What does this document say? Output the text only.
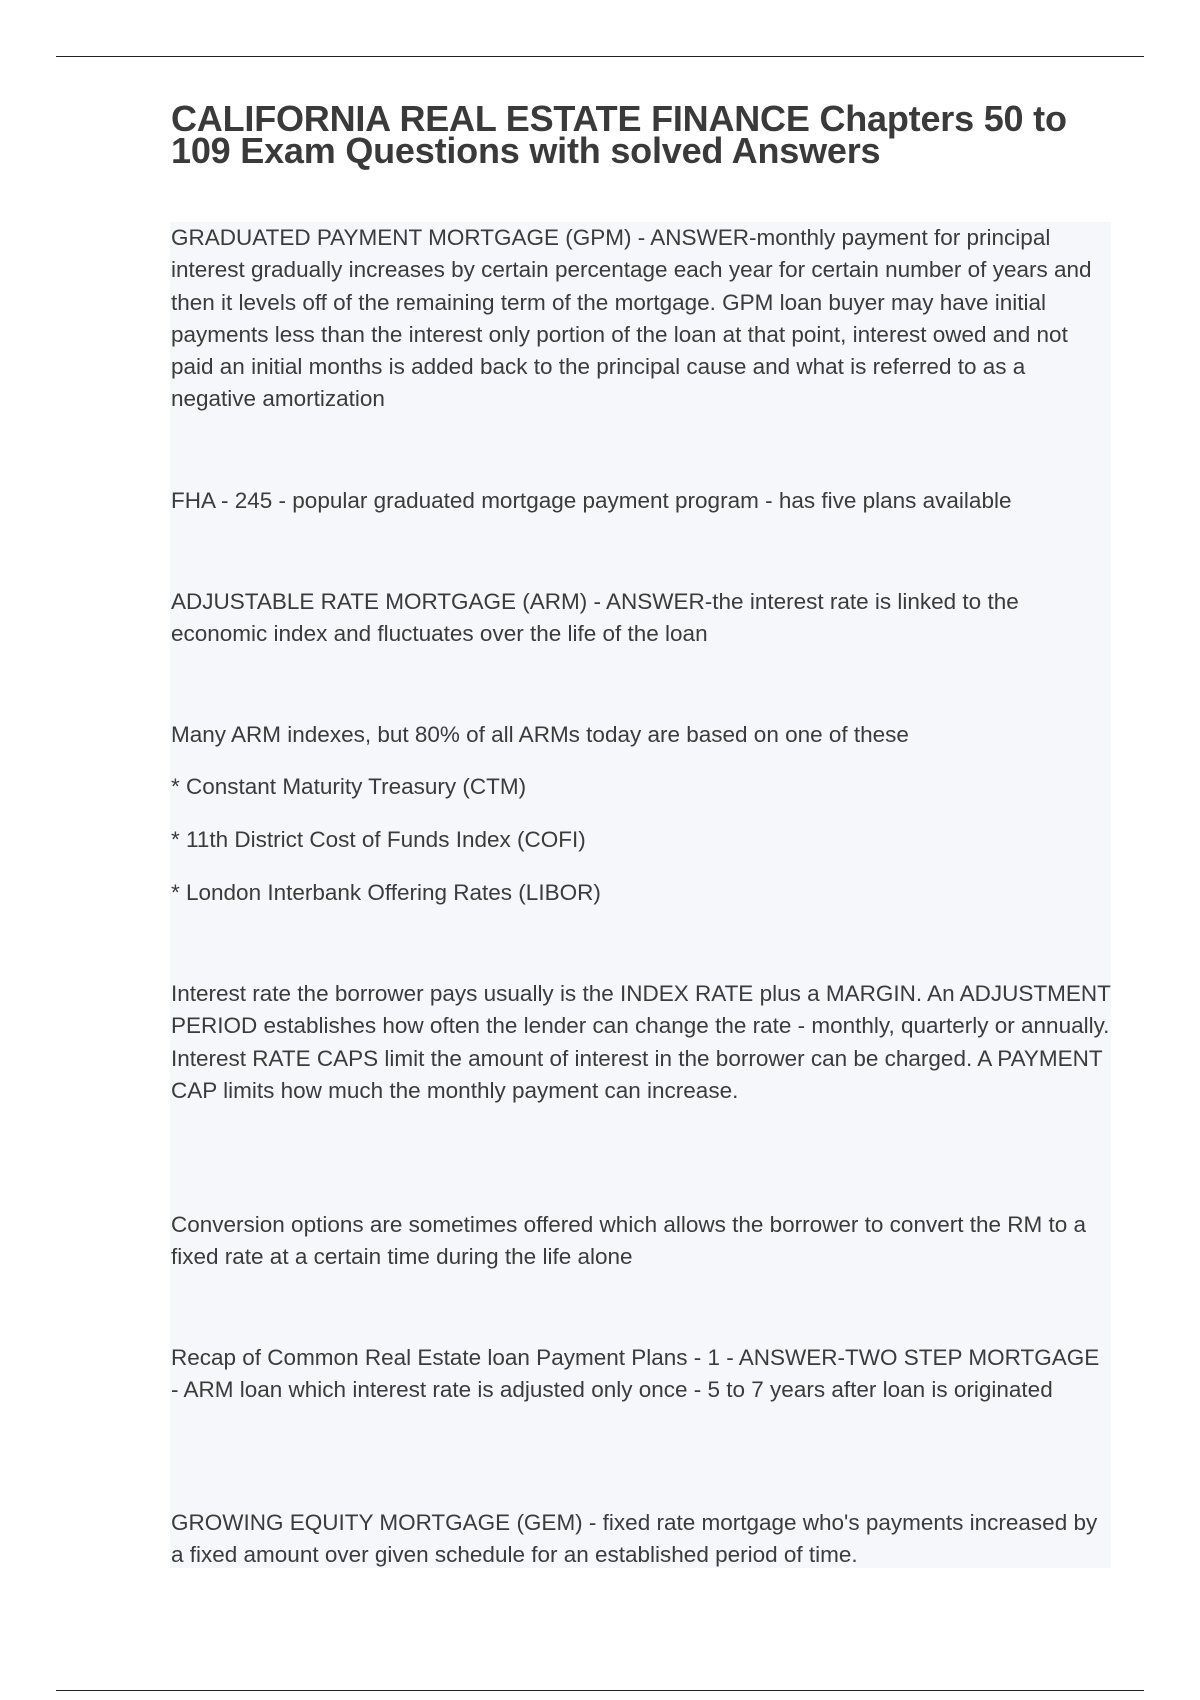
CALIFORNIA REAL ESTATE FINANCE Chapters 50 to 109 Exam Questions with solved Answers

GRADUATED PAYMENT MORTGAGE (GPM) - ANSWER-monthly payment for principal interest gradually increases by certain percentage each year for certain number of years and then it levels off of the remaining term of the mortgage. GPM loan buyer may have initial payments less than the interest only portion of the loan at that point, interest owed and not paid an initial months is added back to the principal cause and what is referred to as a negative amortization

FHA - 245 - popular graduated mortgage payment program - has five plans available

ADJUSTABLE RATE MORTGAGE (ARM) - ANSWER-the interest rate is linked to the economic index and fluctuates over the life of the loan

Many ARM indexes, but 80% of all ARMs today are based on one of these

* Constant Maturity Treasury (CTM)

* 11th District Cost of Funds Index (COFI)

* London Interbank Offering Rates (LIBOR)

Interest rate the borrower pays usually is the INDEX RATE plus a MARGIN. An ADJUSTMENT PERIOD establishes how often the lender can change the rate - monthly, quarterly or annually. Interest RATE CAPS limit the amount of interest in the borrower can be charged. A PAYMENT CAP limits how much the monthly payment can increase.

Conversion options are sometimes offered which allows the borrower to convert the RM to a fixed rate at a certain time during the life alone

Recap of Common Real Estate loan Payment Plans - 1 - ANSWER-TWO STEP MORTGAGE - ARM loan which interest rate is adjusted only once - 5 to 7 years after loan is originated

GROWING EQUITY MORTGAGE (GEM) - fixed rate mortgage who's payments increased by a fixed amount over given schedule for an established period of time.
